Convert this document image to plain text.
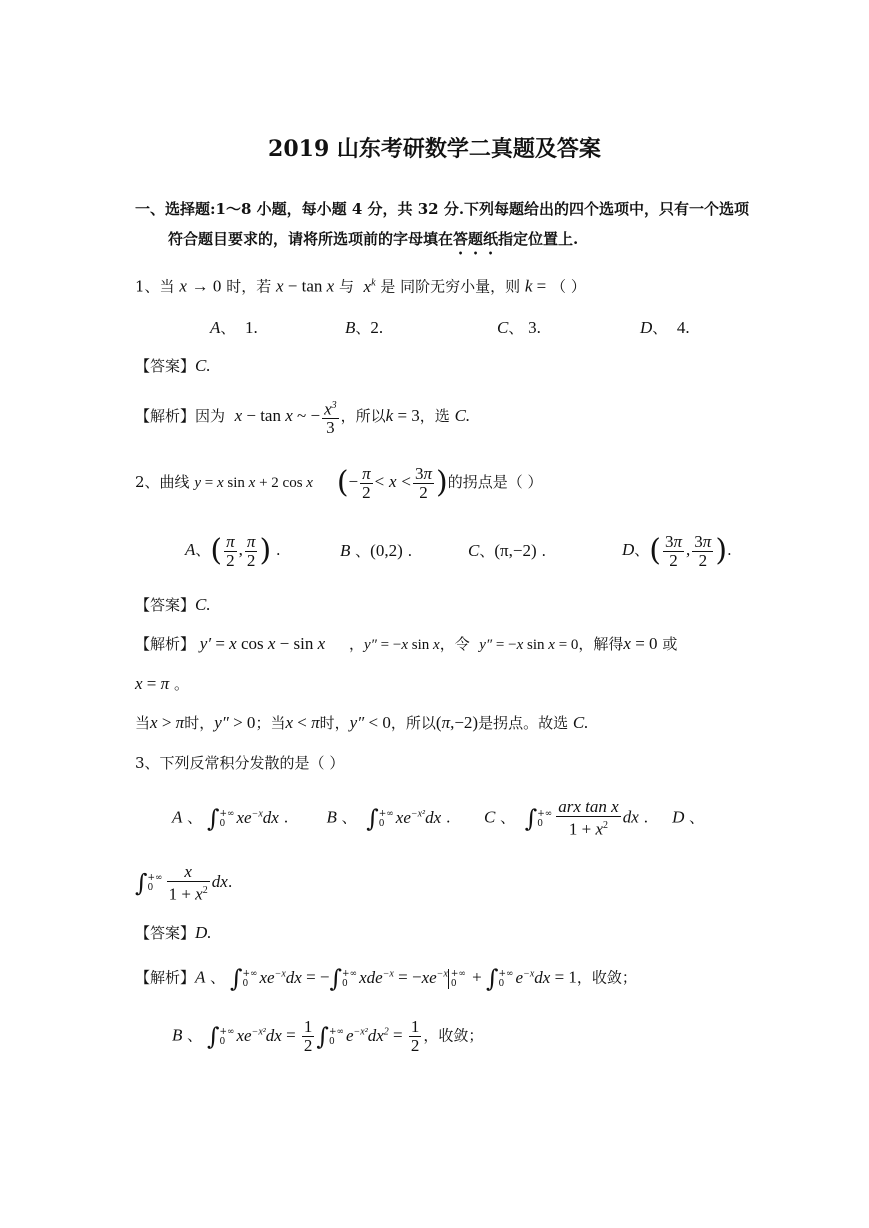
2019 山东考研数学二真题及答案
一、选择题:1～8 小题，每小题 4 分，共 32 分.下列每题给出的四个选项中，只有一个选项
符合题目要求的，请将所选项前的字母填在答题纸指定位置上.
1、当 x → 0 时，若 x − tan x 与 $x^k$ 是 同阶无穷小量，则 k = （ ）
A、  1.	B、2.	C、 3.	D、  4.
【答案】C.
【解析】因为 x − tan x ~ − $\frac{x^3}{3}$ ，所以k = 3，选 C.
2、曲线 y = x sin x + 2 cos x (− $\frac{\pi}{2} < x < \frac{3\pi}{2}$ )的拐点是（ ）
A、( $\frac{\pi}{2}$ , $\frac{\pi}{2}$ ) .	B 、(0,2) .	C、(π,−2) .	D、( $\frac{3\pi}{2}$ , $\frac{3\pi}{2}$ ).
【答案】C.
【解析】 y′ = x cos x − sin x     ，y″ = −x sin x，令 y″ = −x sin x = 0，解得x = 0 或
x = π 。
当x > π时，y″ > 0；当x < π时，y″ < 0，所以(π,−2)是拐点。故选 C.
3、下列反常积分发散的是（ ）
A 、 ∫ +∞
0 $xe^{-x}dx$ .        B 、  ∫ +∞
0 $xe^{-x^2}dx$ .       C 、  ∫ +∞
$0 \frac{\text{arx tan x}}{1 + x^2}$ dx .     D 、
∫ +∞
$0 \frac{x}{1 + x^2}$ dx.
【答案】D.
【解析】A 、 ∫ +∞
0 $xe^{-x}dx$ = −∫ +∞
0 $xde^{-x} = -xe^{-x}$ +∞
0 + ∫ +∞
0 $e^{-x}dx = 1$，收敛；
B 、 ∫ +∞
0 $xe^{-x^2}dx = \frac{1}{2}$ ∫ +∞
0 $e^{-x^2}dx^2 = \frac{1}{2}$ ，收敛；
